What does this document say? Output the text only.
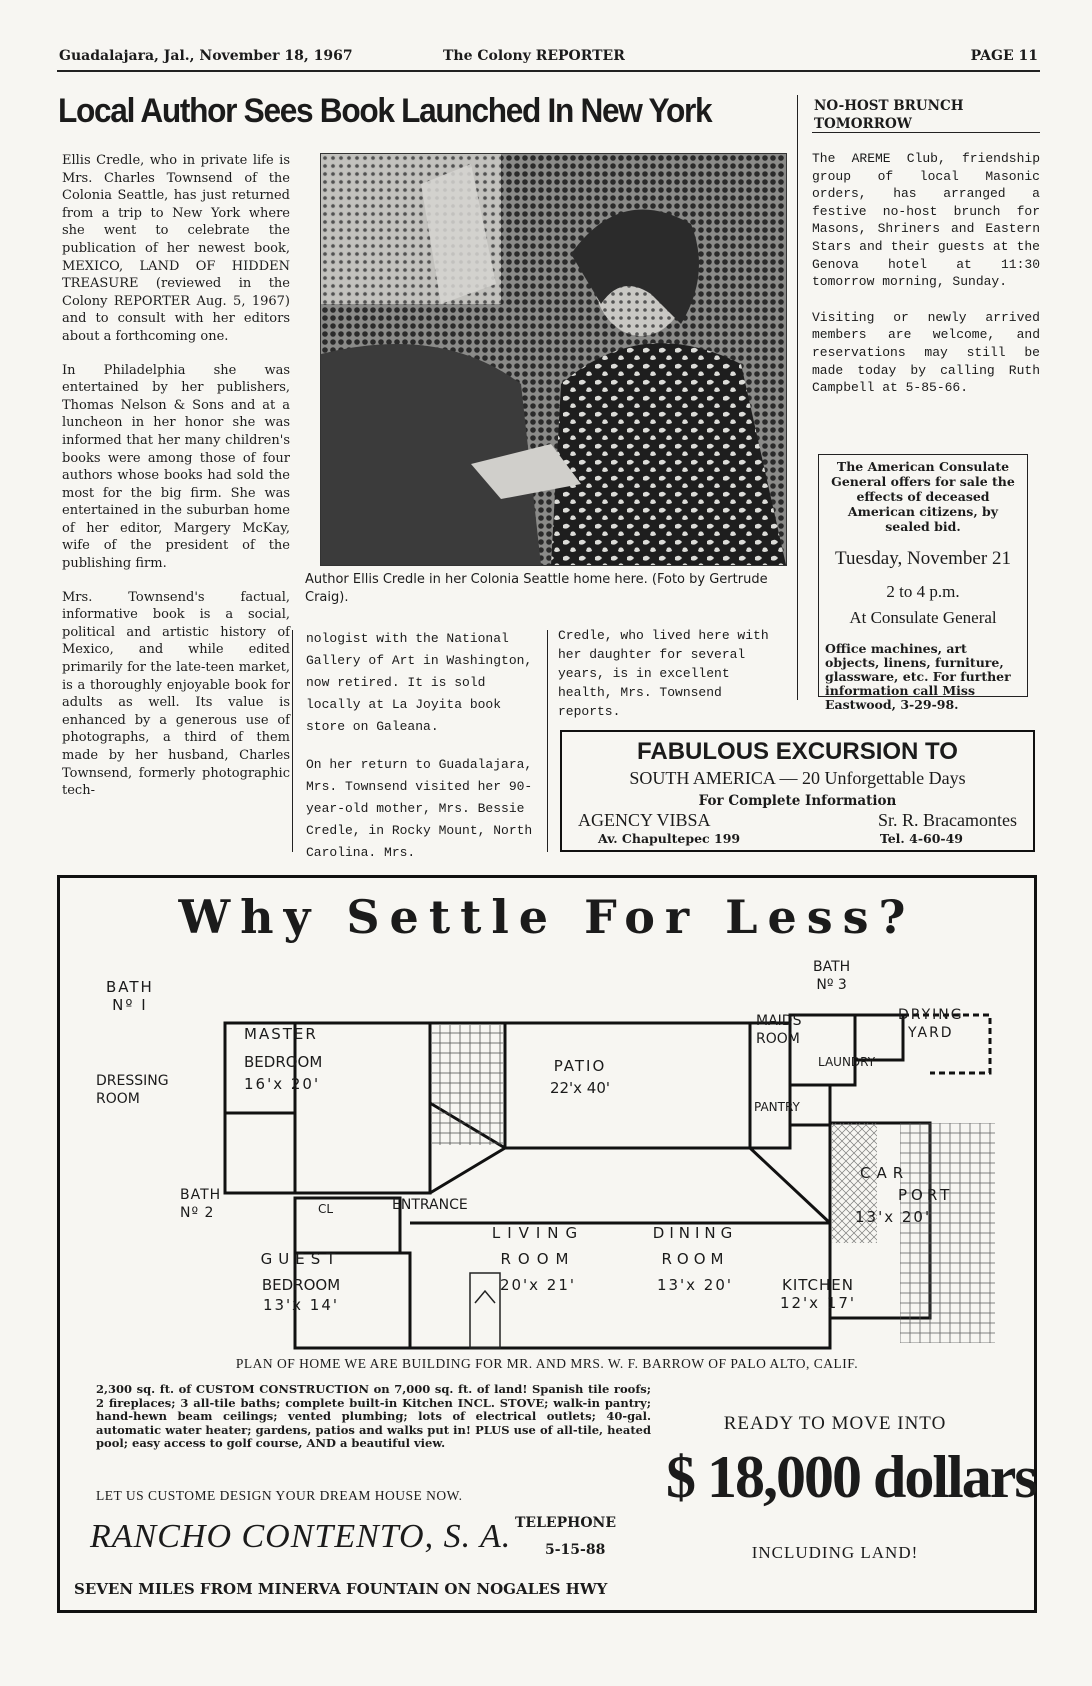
Guadalajara, Jal., November 18, 1967	The Colony REPORTER	PAGE 11
Local Author Sees Book Launched In New York

Ellis Credle, who in private life is Mrs. Charles Townsend of the Colonia Seattle, has just returned from a trip to New York where she went to celebrate the publication of her newest book, MEXICO, LAND OF HIDDEN TREASURE (reviewed in the Colony REPORTER Aug. 5, 1967) and to consult with her editors about a forthcoming one.

In Philadelphia she was entertained by her publishers, Thomas Nelson & Sons and at a luncheon in her honor she was informed that her many children's books were among those of four authors whose books had sold the most for the big firm. She was entertained in the suburban home of her editor, Margery McKay, wife of the president of the publishing firm.

Mrs. Townsend's factual, informative book is a social, political and artistic history of Mexico, and while edited primarily for the late-teen market, is a thoroughly enjoyable book for adults as well. Its value is enhanced by a generous use of photographs, a third of them made by her husband, Charles Townsend, formerly photographic tech-

Author Ellis Credle in her Colonia Seattle home here. (Foto by Gertrude Craig).

nologist with the National Gallery of Art in Washington, now retired. It is sold locally at La Joyita book store on Galeana.

On her return to Guadalajara, Mrs. Townsend visited her 90-year-old mother, Mrs. Bessie Credle, in Rocky Mount, North Carolina. Mrs.

Credle, who lived here with her daughter for several years, is in excellent health, Mrs. Townsend reports.

NO-HOST BRUNCH TOMORROW

The AREME Club, friendship group of local Masonic orders, has arranged a festive no-host brunch for Masons, Shriners and Eastern Stars and their guests at the Genova hotel at 11:30 tomorrow morning, Sunday.

Visiting or newly arrived members are welcome, and reservations may still be made today by calling Ruth Campbell at 5-85-66.

The American Consulate General offers for sale the effects of deceased American citizens, by sealed bid.
Tuesday, November 21
2 to 4 p.m.
At Consulate General
Office machines, art objects, linens, furniture, glassware, etc. For further information call Miss Eastwood, 3-29-98.
FABULOUS EXCURSION TO
SOUTH AMERICA — 20 Unforgettable Days
For Complete Information
AGENCY VIBSA	Sr. R. Bracamontes
Av. Chapultepec 199	Tel. 4-60-49
Why Settle For Less?
BATH
Nº I
DRESSING
ROOM
MASTER
BEDROOM
16'x 20'
PATIO
22'x 40'
BATH
Nº 3
MAIDS
ROOM
DRYING
YARD
LAUNDRY
PANTRY
CAR
PORT
13'x 20'
BATH
Nº 2	CL	ENTRANCE
LIVING
ROOM
20'x 21'
DINING
ROOM
13'x 20'
GUEST
BEDROOM
13'x 14'
KITCHEN
12'x 17'
PLAN OF HOME WE ARE BUILDING FOR MR. AND MRS. W. F. BARROW OF PALO ALTO, CALIF.
2,300 sq. ft. of CUSTOM CONSTRUCTION on 7,000 sq. ft. of land! Spanish tile roofs; 2 fireplaces; 3 all-tile baths; complete built-in Kitchen INCL. STOVE; walk-in pantry; hand-hewn beam ceilings; vented plumbing; lots of electrical outlets; 40-gal. automatic water heater; gardens, patios and walks put in! PLUS use of all-tile, heated pool; easy access to golf course, AND a beautiful view.
LET US CUSTOME DESIGN YOUR DREAM HOUSE NOW.
RANCHO CONTENTO, S. A. TELEPHONE
5-15-88
SEVEN MILES FROM MINERVA FOUNTAIN ON NOGALES HWY
READY TO MOVE INTO
$ 18,000 dollars
INCLUDING LAND!
